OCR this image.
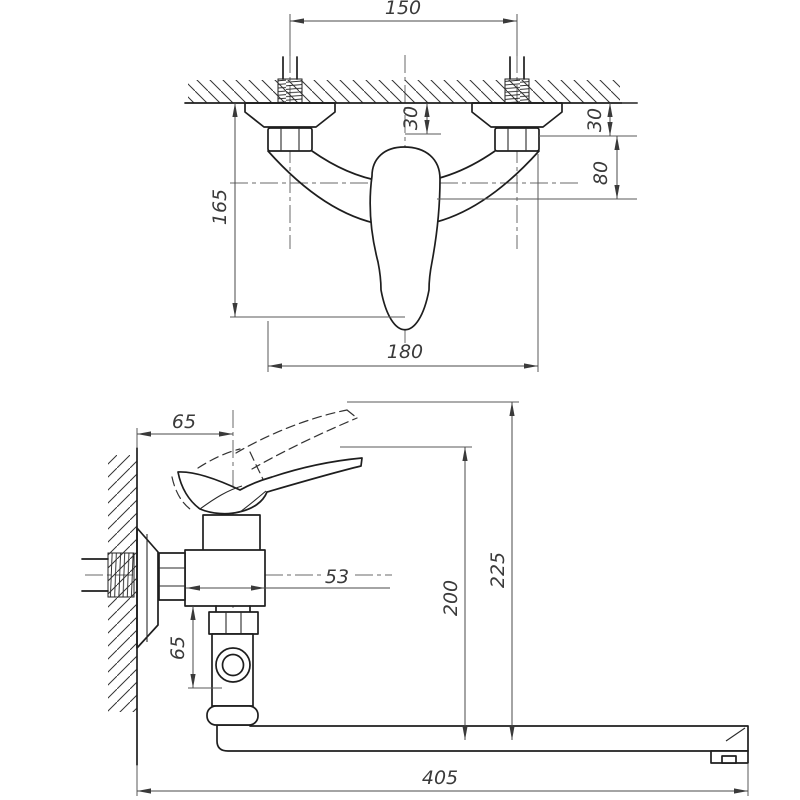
150
30	30
80
165
180
65
53
65
200
225
405
